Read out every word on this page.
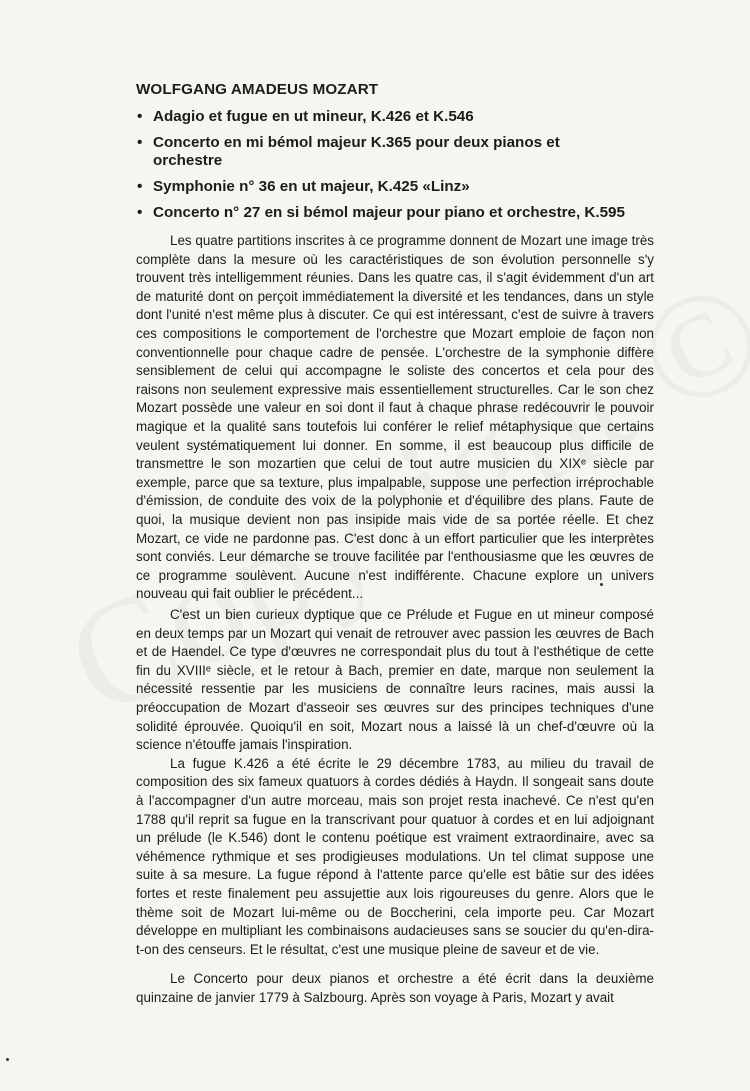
WOLFGANG AMADEUS MOZART
• Adagio et fugue en ut mineur, K.426 et K.546
• Concerto en mi bémol majeur K.365 pour deux pianos et orchestre
• Symphonie n° 36 en ut majeur, K.425 «Linz»
• Concerto n° 27 en si bémol majeur pour piano et orchestre, K.595

Les quatre partitions inscrites à ce programme donnent de Mozart une image très complète dans la mesure où les caractéristiques de son évolution personnelle s'y trouvent très intelligemment réunies. Dans les quatre cas, il s'agit évidemment d'un art de maturité dont on perçoit immédiatement la diversité et les tendances, dans un style dont l'unité n'est même plus à discuter. Ce qui est intéressant, c'est de suivre à travers ces compositions le comportement de l'orchestre que Mozart emploie de façon non conventionnelle pour chaque cadre de pensée. L'orchestre de la symphonie diffère sensiblement de celui qui accompagne le soliste des concertos et cela pour des raisons non seulement expressive mais essentiellement structurelles. Car le son chez Mozart possède une valeur en soi dont il faut à chaque phrase redécouvrir le pouvoir magique et la qualité sans toutefois lui conférer le relief métaphysique que certains veulent systématiquement lui donner. En somme, il est beaucoup plus difficile de transmettre le son mozartien que celui de tout autre musicien du XIXᵉ siècle par exemple, parce que sa texture, plus impalpable, suppose une perfection irréprochable d'émission, de conduite des voix de la polyphonie et d'équilibre des plans. Faute de quoi, la musique devient non pas insipide mais vide de sa portée réelle. Et chez Mozart, ce vide ne pardonne pas. C'est donc à un effort particulier que les interprètes sont conviés. Leur démarche se trouve facilitée par l'enthousiasme que les œuvres de ce programme soulèvent. Aucune n'est indifférente. Chacune explore un univers nouveau qui fait oublier le précédent...

C'est un bien curieux dyptique que ce Prélude et Fugue en ut mineur composé en deux temps par un Mozart qui venait de retrouver avec passion les œuvres de Bach et de Haendel. Ce type d'œuvres ne correspondait plus du tout à l'esthétique de cette fin du XVIIIᵉ siècle, et le retour à Bach, premier en date, marque non seulement la nécessité ressentie par les musiciens de connaître leurs racines, mais aussi la préoccupation de Mozart d'asseoir ses œuvres sur des principes techniques d'une solidité éprouvée. Quoiqu'il en soit, Mozart nous a laissé là un chef-d'œuvre où la science n'étouffe jamais l'inspiration.

La fugue K.426 a été écrite le 29 décembre 1783, au milieu du travail de composition des six fameux quatuors à cordes dédiés à Haydn. Il songeait sans doute à l'accompagner d'un autre morceau, mais son projet resta inachevé. Ce n'est qu'en 1788 qu'il reprit sa fugue en la transcrivant pour quatuor à cordes et en lui adjoignant un prélude (le K.546) dont le contenu poétique est vraiment extraordinaire, avec sa véhémence rythmique et ses prodigieuses modulations. Un tel climat suppose une suite à sa mesure. La fugue répond à l'attente parce qu'elle est bâtie sur des idées fortes et reste finalement peu assujettie aux lois rigoureuses du genre. Alors que le thème soit de Mozart lui-même ou de Boccherini, cela importe peu. Car Mozart développe en multipliant les combinaisons audacieuses sans se soucier du qu'en-dira-t-on des censeurs. Et le résultat, c'est une musique pleine de saveur et de vie.

Le Concerto pour deux pianos et orchestre a été écrit dans la deuxième quinzaine de janvier 1779 à Salzbourg. Après son voyage à Paris, Mozart y avait
